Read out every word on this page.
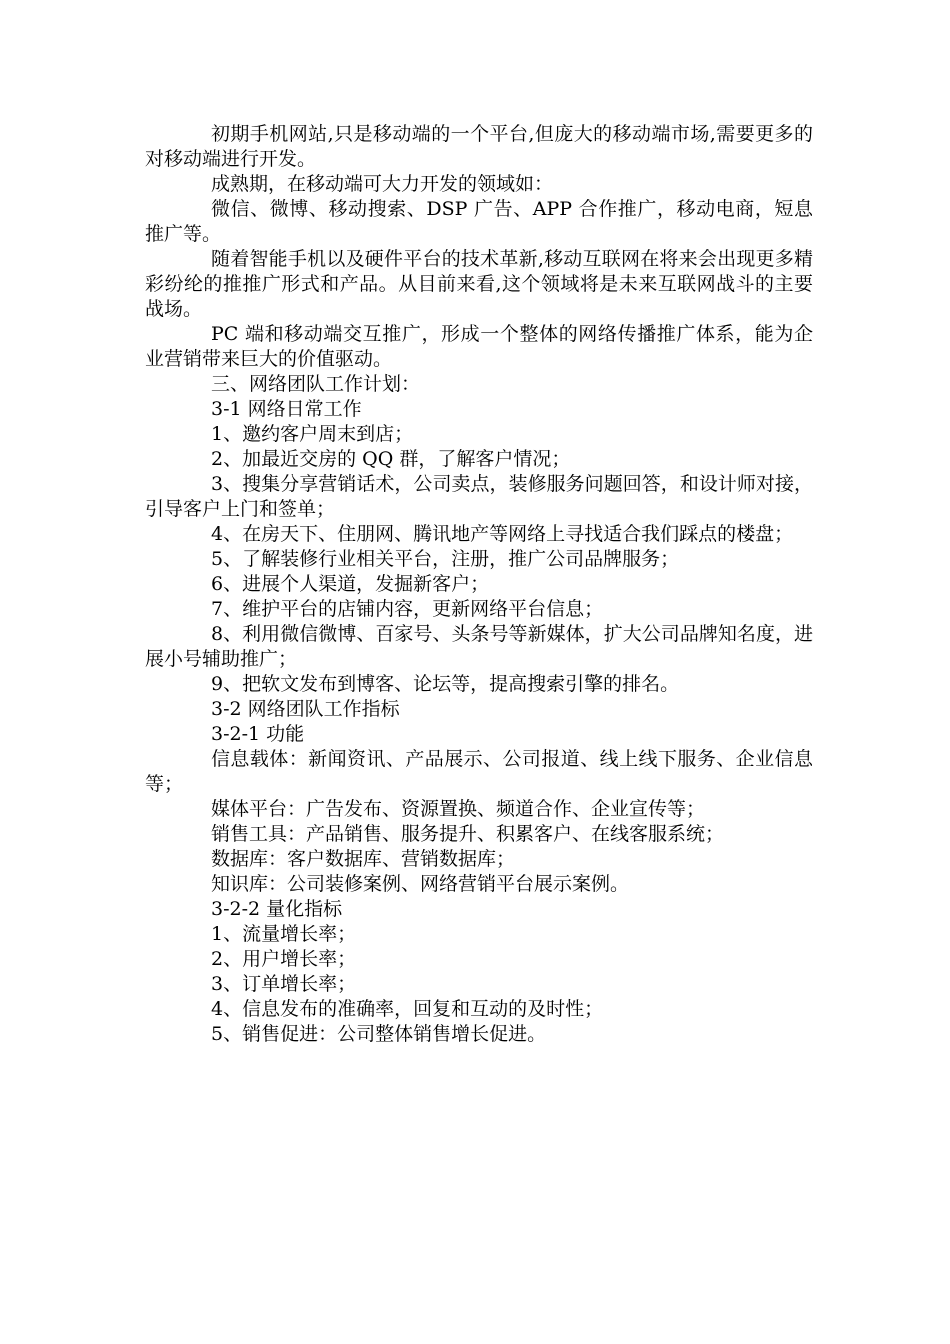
初期手机网站,只是移动端的一个平台,但庞大的移动端市场,需要更多的对移动端进行开发。

成熟期，在移动端可大力开发的领域如：

微信、微博、移动搜索、DSP 广告、APP 合作推广，移动电商，短息推广等。

随着智能手机以及硬件平台的技术革新,移动互联网在将来会出现更多精彩纷纶的推推广形式和产品。从目前来看,这个领域将是未来互联网战斗的主要战场。

PC 端和移动端交互推广，形成一个整体的网络传播推广体系，能为企业营销带来巨大的价值驱动。

三、网络团队工作计划：

3-1 网络日常工作

1、邀约客户周末到店；

2、加最近交房的 QQ 群，了解客户情况；

3、搜集分享营销话术，公司卖点，装修服务问题回答，和设计师对接，引导客户上门和签单；

4、在房天下、住朋网、腾讯地产等网络上寻找适合我们踩点的楼盘；

5、了解装修行业相关平台，注册，推广公司品牌服务；

6、进展个人渠道，发掘新客户；

7、维护平台的店铺内容，更新网络平台信息；

8、利用微信微博、百家号、头条号等新媒体，扩大公司品牌知名度，进展小号辅助推广；

9、把软文发布到博客、论坛等，提高搜索引擎的排名。

3-2 网络团队工作指标

3-2-1 功能

信息载体：新闻资讯、产品展示、公司报道、线上线下服务、企业信息等；

媒体平台：广告发布、资源置换、频道合作、企业宣传等；

销售工具：产品销售、服务提升、积累客户、在线客服系统；

数据库：客户数据库、营销数据库；

知识库：公司装修案例、网络营销平台展示案例。

3-2-2 量化指标

1、流量增长率；

2、用户增长率；

3、订单增长率；

4、信息发布的准确率，回复和互动的及时性；

5、销售促进：公司整体销售增长促进。
